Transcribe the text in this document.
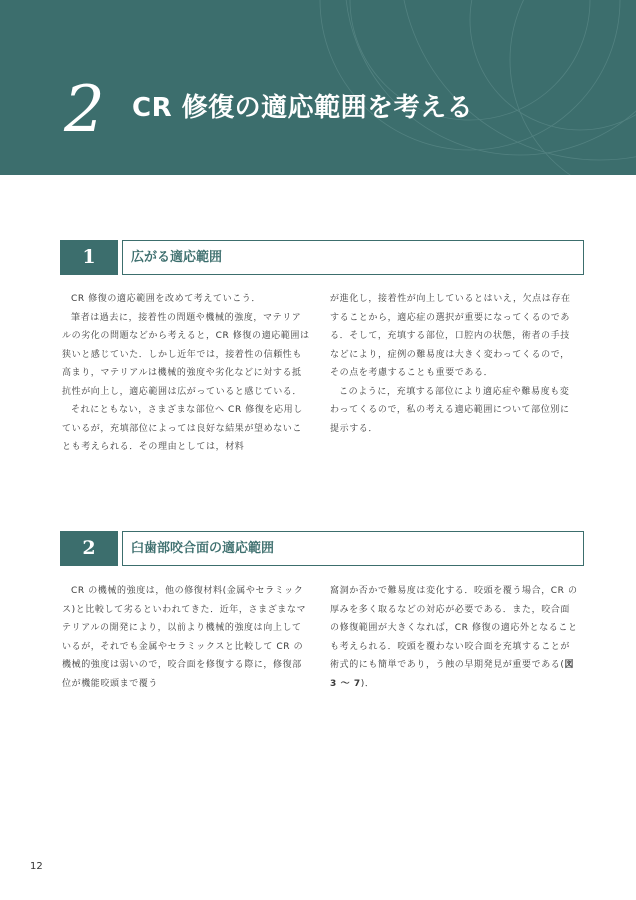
2 CR 修復の適応範囲を考える
1	広がる適応範囲

CR 修復の適応範囲を改めて考えていこう．

筆者は過去に，接着性の問題や機械的強度，マテリアルの劣化の問題などから考えると，CR 修復の適応範囲は狭いと感じていた．しかし近年では，接着性の信頼性も高まり，マテリアルは機械的強度や劣化などに対する抵抗性が向上し，適応範囲は広がっていると感じている．

それにともない，さまざまな部位へ CR 修復を応用しているが，充填部位によっては良好な結果が望めないことも考えられる．その理由としては，材料

が進化し，接着性が向上しているとはいえ，欠点は存在することから，適応症の選択が重要になってくるのである．そして，充填する部位，口腔内の状態，術者の手技などにより，症例の難易度は大きく変わってくるので，その点を考慮することも重要である．

このように，充填する部位により適応症や難易度も変わってくるので，私の考える適応範囲について部位別に提示する．

2	臼歯部咬合面の適応範囲

CR の機械的強度は，他の修復材料(金属やセラミックス)と比較して劣るといわれてきた．近年，さまざまなマテリアルの開発により，以前より機械的強度は向上しているが，それでも金属やセラミックスと比較して CR の機械的強度は弱いので，咬合面を修復する際に，修復部位が機能咬頭まで覆う

窩洞か否かで難易度は変化する．咬頭を覆う場合，CR の厚みを多く取るなどの対応が必要である．また，咬合面の修復範囲が大きくなれば，CR 修復の適応外となることも考えられる．咬頭を覆わない咬合面を充填することが術式的にも簡単であり，う蝕の早期発見が重要である(図 3 〜 7)．

12
